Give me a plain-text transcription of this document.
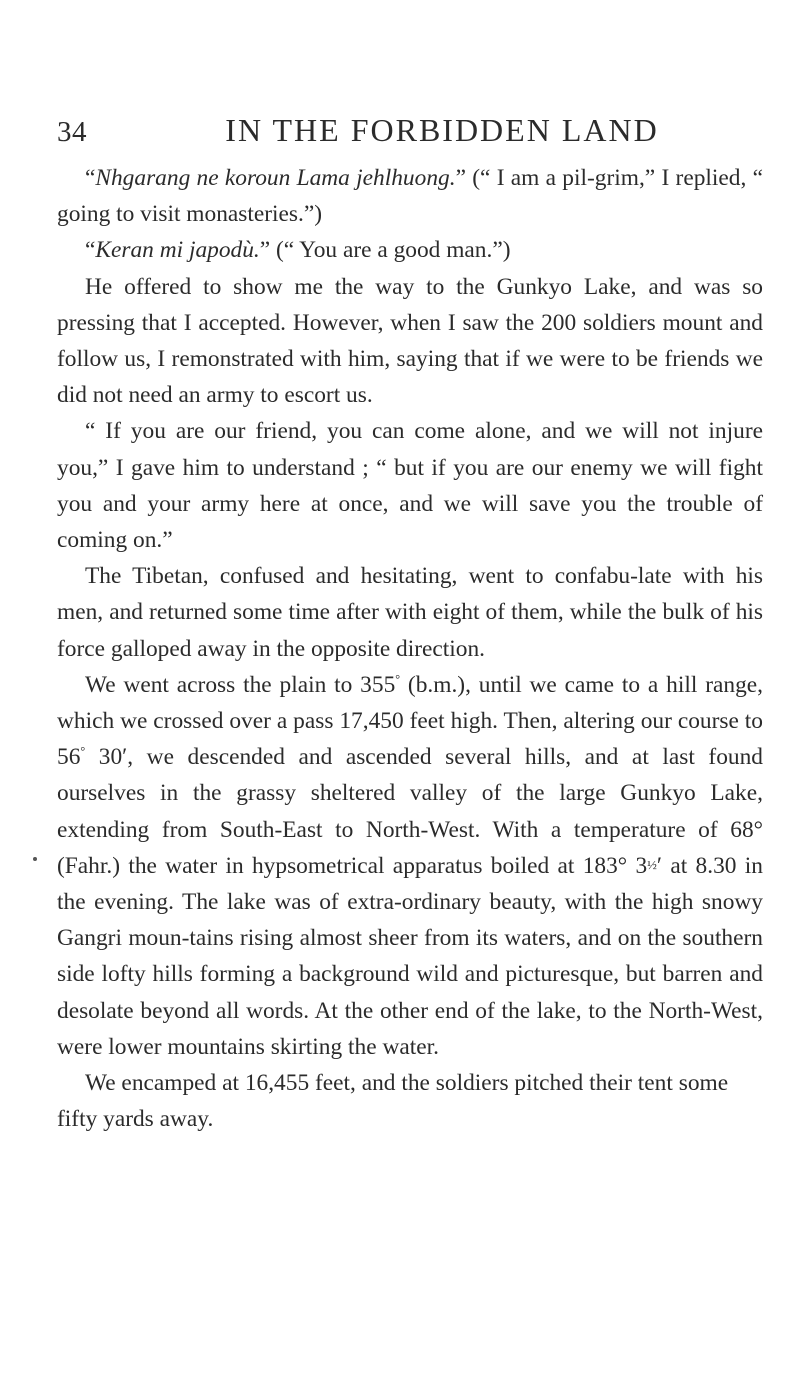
34	IN THE FORBIDDEN LAND

“Nhgarang ne koroun Lama jehlhuong.” (“ I am a pil-grim,” I replied, “ going to visit monasteries.”)

“Keran mi japodù.” (“ You are a good man.”)

He offered to show me the way to the Gunkyo Lake, and was so pressing that I accepted. However, when I saw the 200 soldiers mount and follow us, I remonstrated with him, saying that if we were to be friends we did not need an army to escort us.

“ If you are our friend, you can come alone, and we will not injure you,” I gave him to understand ; “ but if you are our enemy we will fight you and your army here at once, and we will save you the trouble of coming on.”

The Tibetan, confused and hesitating, went to confabu-late with his men, and returned some time after with eight of them, while the bulk of his force galloped away in the opposite direction.

We went across the plain to 355° (b.m.), until we came to a hill range, which we crossed over a pass 17,450 feet high. Then, altering our course to 56° 30′, we descended and ascended several hills, and at last found ourselves in the grassy sheltered valley of the large Gunkyo Lake, extending from South-East to North-West. With a temperature of 68° (Fahr.) the water in hypsometrical apparatus boiled at 183° 3½′ at 8.30 in the evening. The lake was of extra-ordinary beauty, with the high snowy Gangri moun-tains rising almost sheer from its waters, and on the southern side lofty hills forming a background wild and picturesque, but barren and desolate beyond all words. At the other end of the lake, to the North-West, were lower mountains skirting the water.

We encamped at 16,455 feet, and the soldiers pitched their tent some fifty yards away.
